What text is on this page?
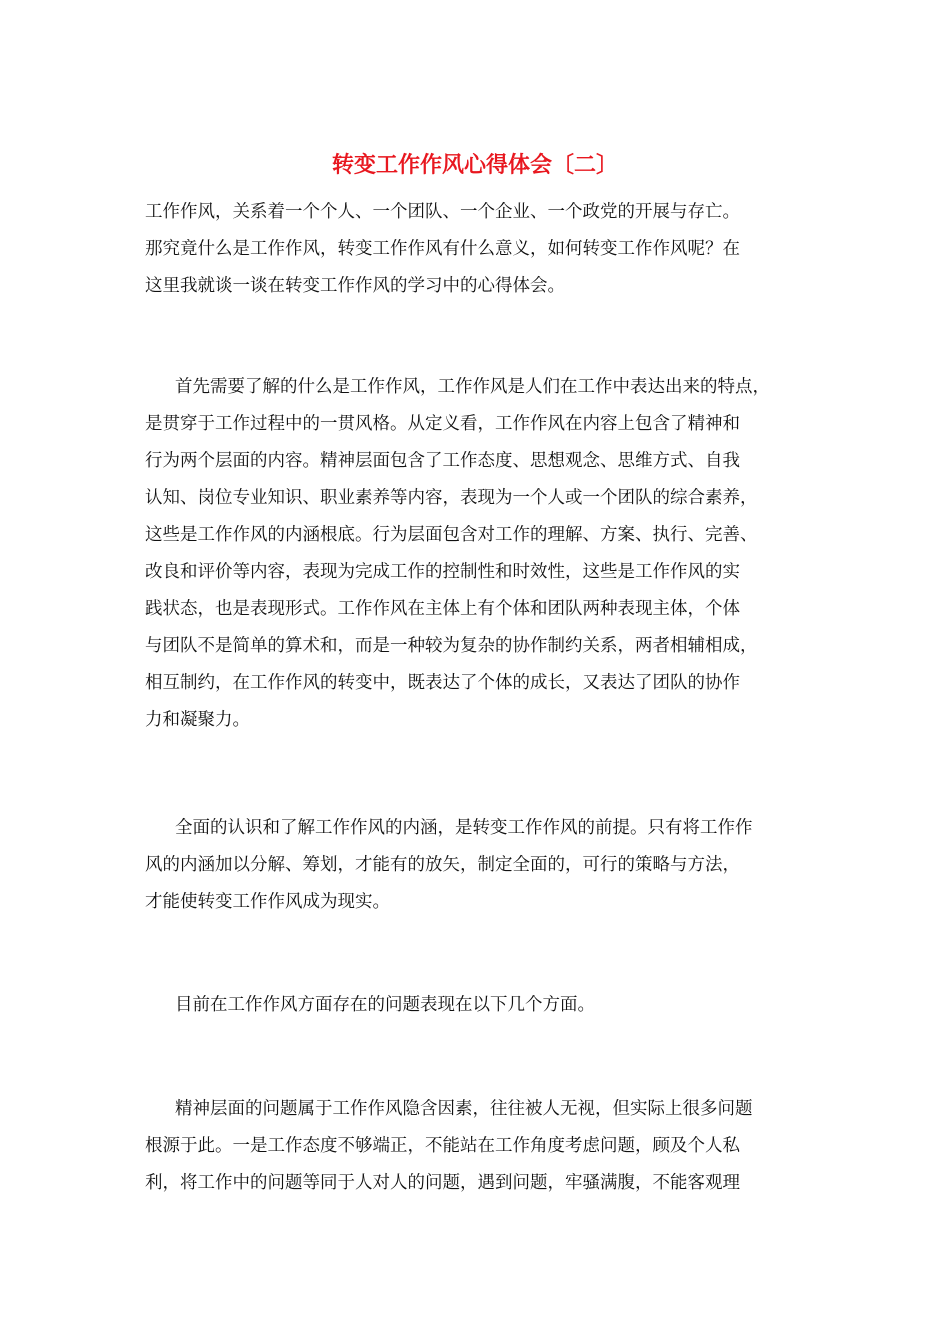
转变工作作风心得体会〔二〕
工作作风，关系着一个个人、一个团队、一个企业、一个政党的开展与存亡。
那究竟什么是工作作风，转变工作作风有什么意义，如何转变工作作风呢？在
这里我就谈一谈在转变工作作风的学习中的心得体会。
首先需要了解的什么是工作作风，工作作风是人们在工作中表达出来的特点，
是贯穿于工作过程中的一贯风格。从定义看，工作作风在内容上包含了精神和
行为两个层面的内容。精神层面包含了工作态度、思想观念、思维方式、自我
认知、岗位专业知识、职业素养等内容，表现为一个人或一个团队的综合素养，
这些是工作作风的内涵根底。行为层面包含对工作的理解、方案、执行、完善、
改良和评价等内容，表现为完成工作的控制性和时效性，这些是工作作风的实
践状态，也是表现形式。工作作风在主体上有个体和团队两种表现主体，个体
与团队不是简单的算术和，而是一种较为复杂的协作制约关系，两者相辅相成，
相互制约，在工作作风的转变中，既表达了个体的成长，又表达了团队的协作
力和凝聚力。
全面的认识和了解工作作风的内涵，是转变工作作风的前提。只有将工作作
风的内涵加以分解、筹划，才能有的放矢，制定全面的，可行的策略与方法，
才能使转变工作作风成为现实。
目前在工作作风方面存在的问题表现在以下几个方面。
精神层面的问题属于工作作风隐含因素，往往被人无视，但实际上很多问题
根源于此。一是工作态度不够端正，不能站在工作角度考虑问题，顾及个人私
利，将工作中的问题等同于人对人的问题，遇到问题，牢骚满腹，不能客观理
